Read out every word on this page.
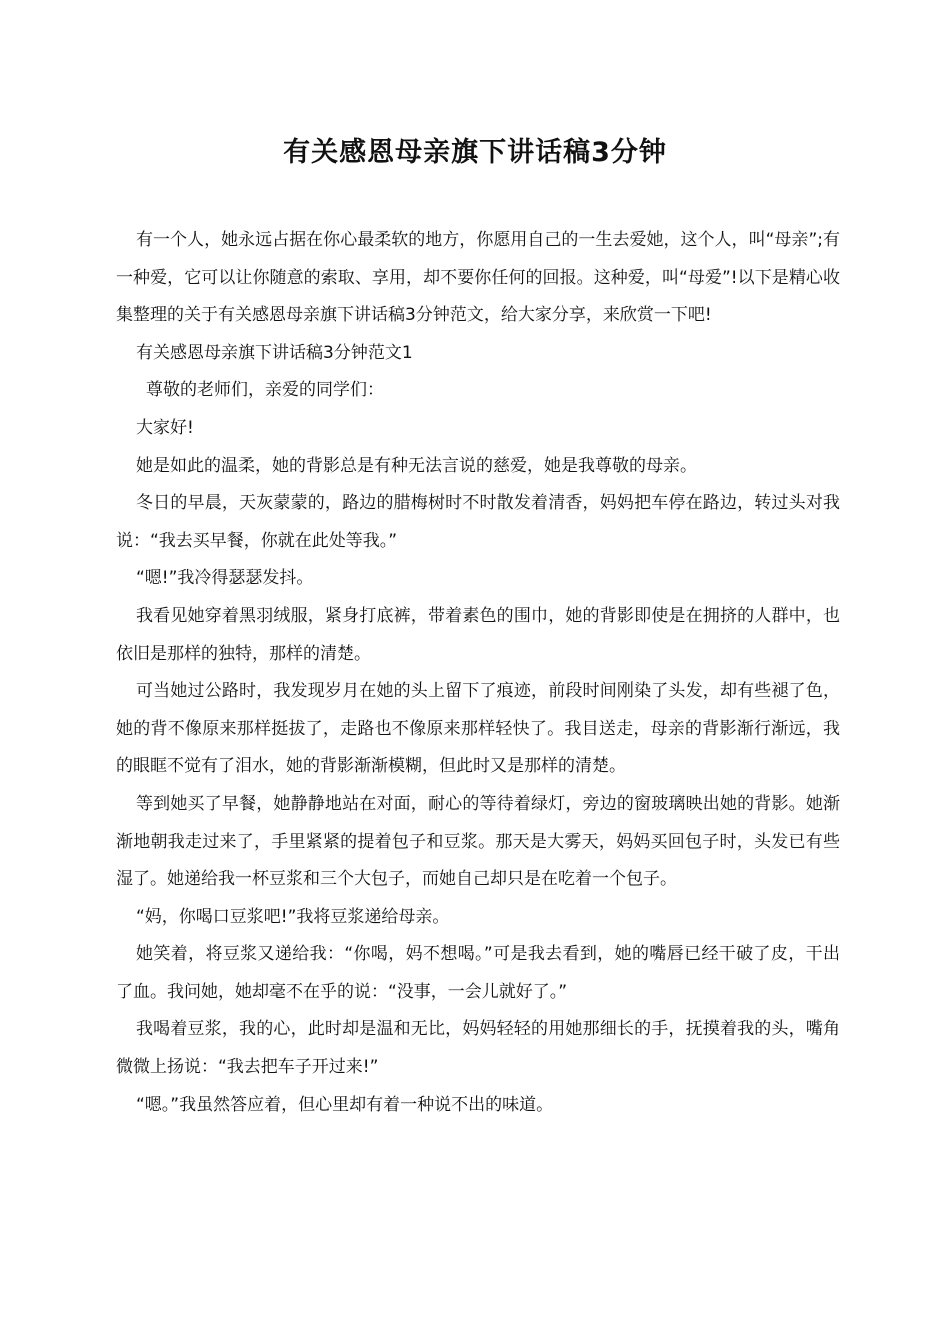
有关感恩母亲旗下讲话稿3分钟

有一个人，她永远占据在你心最柔软的地方，你愿用自己的一生去爱她，这个人，叫“母亲”;有一种爱，它可以让你随意的索取、享用，却不要你任何的回报。这种爱，叫“母爱”!以下是精心收集整理的关于有关感恩母亲旗下讲话稿3分钟范文，给大家分享，来欣赏一下吧!

有关感恩母亲旗下讲话稿3分钟范文1

尊敬的老师们，亲爱的同学们：

大家好!

她是如此的温柔，她的背影总是有种无法言说的慈爱，她是我尊敬的母亲。

冬日的早晨，天灰蒙蒙的，路边的腊梅树时不时散发着清香，妈妈把车停在路边，转过头对我说：“我去买早餐，你就在此处等我。”

“嗯!”我冷得瑟瑟发抖。

我看见她穿着黑羽绒服，紧身打底裤，带着素色的围巾，她的背影即使是在拥挤的人群中，也依旧是那样的独特，那样的清楚。

可当她过公路时，我发现岁月在她的头上留下了痕迹，前段时间刚染了头发，却有些褪了色，她的背不像原来那样挺拔了，走路也不像原来那样轻快了。我目送走，母亲的背影渐行渐远，我的眼眶不觉有了泪水，她的背影渐渐模糊，但此时又是那样的清楚。

等到她买了早餐，她静静地站在对面，耐心的等待着绿灯，旁边的窗玻璃映出她的背影。她渐渐地朝我走过来了，手里紧紧的提着包子和豆浆。那天是大雾天，妈妈买回包子时，头发已有些湿了。她递给我一杯豆浆和三个大包子，而她自己却只是在吃着一个包子。

“妈，你喝口豆浆吧!”我将豆浆递给母亲。

她笑着，将豆浆又递给我：“你喝，妈不想喝。”可是我去看到，她的嘴唇已经干破了皮，干出了血。我问她，她却毫不在乎的说：“没事，一会儿就好了。”

我喝着豆浆，我的心，此时却是温和无比，妈妈轻轻的用她那细长的手，抚摸着我的头，嘴角微微上扬说：“我去把车子开过来!”

“嗯。”我虽然答应着，但心里却有着一种说不出的味道。
